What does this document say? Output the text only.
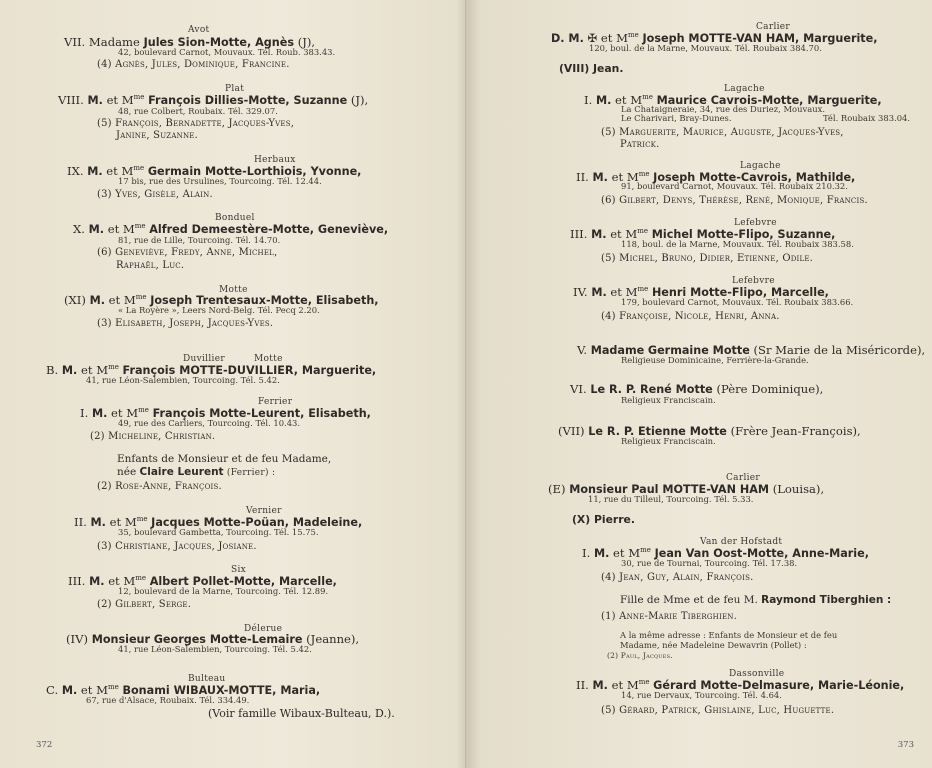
Avot
VII. Madame Jules Sion-Motte, Agnès (J),
42, boulevard Carnot, Mouvaux. Tél. Roub. 383.43.
(4) Agnès, Jules, Dominique, Francine.
Plat
VIII. M. et $M^{me}$ François Dillies-Motte, Suzanne (J),
48, rue Colbert, Roubaix. Tél. 329.07.
(5) François, Bernadette, Jacques-Yves,
Janine, Suzanne.
Herbaux
IX. M. et $M^{me}$ Germain Motte-Lorthiois, Yvonne,
17 bis, rue des Ursulines, Tourcoing. Tél. 12.44.
(3) Yves, Gisèle, Alain.
Bonduel
X. M. et $M^{me}$ Alfred Demeestère-Motte, Geneviève,
81, rue de Lille, Tourcoing. Tél. 14.70.
(6) Geneviève, Fredy, Anne, Michel,
Raphaël, Luc.
Motte
(XI) M. et $M^{me}$ Joseph Trentesaux-Motte, Elisabeth,
« La Royère », Leers Nord-Belg. Tél. Pecq 2.20.
(3) Elisabeth, Joseph, Jacques-Yves.
Duvillier	Motte
B. M. et $M^{me}$ François MOTTE-DUVILLIER, Marguerite,
41, rue Léon-Salembien, Tourcoing. Tél. 5.42.
Ferrier
I. M. et $M^{me}$ François Motte-Leurent, Elisabeth,
49, rue des Carliers, Tourcoing. Tél. 10.43.
(2) Micheline, Christian.
Enfants de Monsieur et de feu Madame,
née Claire Leurent (Ferrier) :
(2) Rose-Anne, François.
Vernier
II. M. et $M^{me}$ Jacques Motte-Poüan, Madeleine,
35, boulevard Gambetta, Tourcoing. Tél. 15.75.
(3) Christiane, Jacques, Josiane.
Six
III. M. et $M^{me}$ Albert Pollet-Motte, Marcelle,
12, boulevard de la Marne, Tourcoing. Tél. 12.89.
(2) Gilbert, Serge.
Délerue
(IV) Monsieur Georges Motte-Lemaire (Jeanne),
41, rue Léon-Salembien, Tourcoing. Tél. 5.42.
Bulteau
C. M. et $M^{me}$ Bonami WIBAUX-MOTTE, Maria,
67, rue d'Alsace, Roubaix. Tél. 334.49.
(Voir famille Wibaux-Bulteau, D.).
372
Carlier
D. M. ✠ et $M^{me}$ Joseph MOTTE-VAN HAM, Marguerite,
120, boul. de la Marne, Mouvaux. Tél. Roubaix 384.70.
(VIII) Jean.
Lagache
I. M. et $M^{me}$ Maurice Cavrois-Motte, Marguerite,
La Chataigneraie, 34, rue des Duriez, Mouvaux.
Le Charivari, Bray-Dunes.	Tél. Roubaix 383.04.
(5) Marguerite, Maurice, Auguste, Jacques-Yves,
Patrick.
Lagache
II. M. et $M^{me}$ Joseph Motte-Cavrois, Mathilde,
91, boulevard Carnot, Mouvaux. Tél. Roubaix 210.32.
(6) Gilbert, Denys, Thérèse, René, Monique, Francis.
Lefebvre
III. M. et $M^{me}$ Michel Motte-Flipo, Suzanne,
118, boul. de la Marne, Mouvaux. Tél. Roubaix 383.58.
(5) Michel, Bruno, Didier, Etienne, Odile.
Lefebvre
IV. M. et $M^{me}$ Henri Motte-Flipo, Marcelle,
179, boulevard Carnot, Mouvaux. Tél. Roubaix 383.66.
(4) Françoise, Nicole, Henri, Anna.
V. Madame Germaine Motte (Sr Marie de la Miséricorde),
Religieuse Dominicaine, Ferrière-la-Grande.
VI. Le R. P. René Motte (Père Dominique),
Religieux Franciscain.
(VII) Le R. P. Etienne Motte (Frère Jean-François),
Religieux Franciscain.
Carlier
(E) Monsieur Paul MOTTE-VAN HAM (Louisa),
11, rue du Tilleul, Tourcoing. Tél. 5.33.
(X) Pierre.
Van der Hofstadt
I. M. et $M^{me}$ Jean Van Oost-Motte, Anne-Marie,
30, rue de Tournai, Tourcoing. Tél. 17.38.
(4) Jean, Guy, Alain, François.
Fille de Mme et de feu M. Raymond Tiberghien :
(1) Anne-Marie Tiberghien.
A la même adresse : Enfants de Monsieur et de feu
Madame, née Madeleine Dewavrin (Pollet) :
(2) Paul, Jacques.
Dassonville
II. M. et $M^{me}$ Gérard Motte-Delmasure, Marie-Léonie,
14, rue Dervaux, Tourcoing. Tél. 4.64.
(5) Gérard, Patrick, Ghislaine, Luc, Huguette.
373
